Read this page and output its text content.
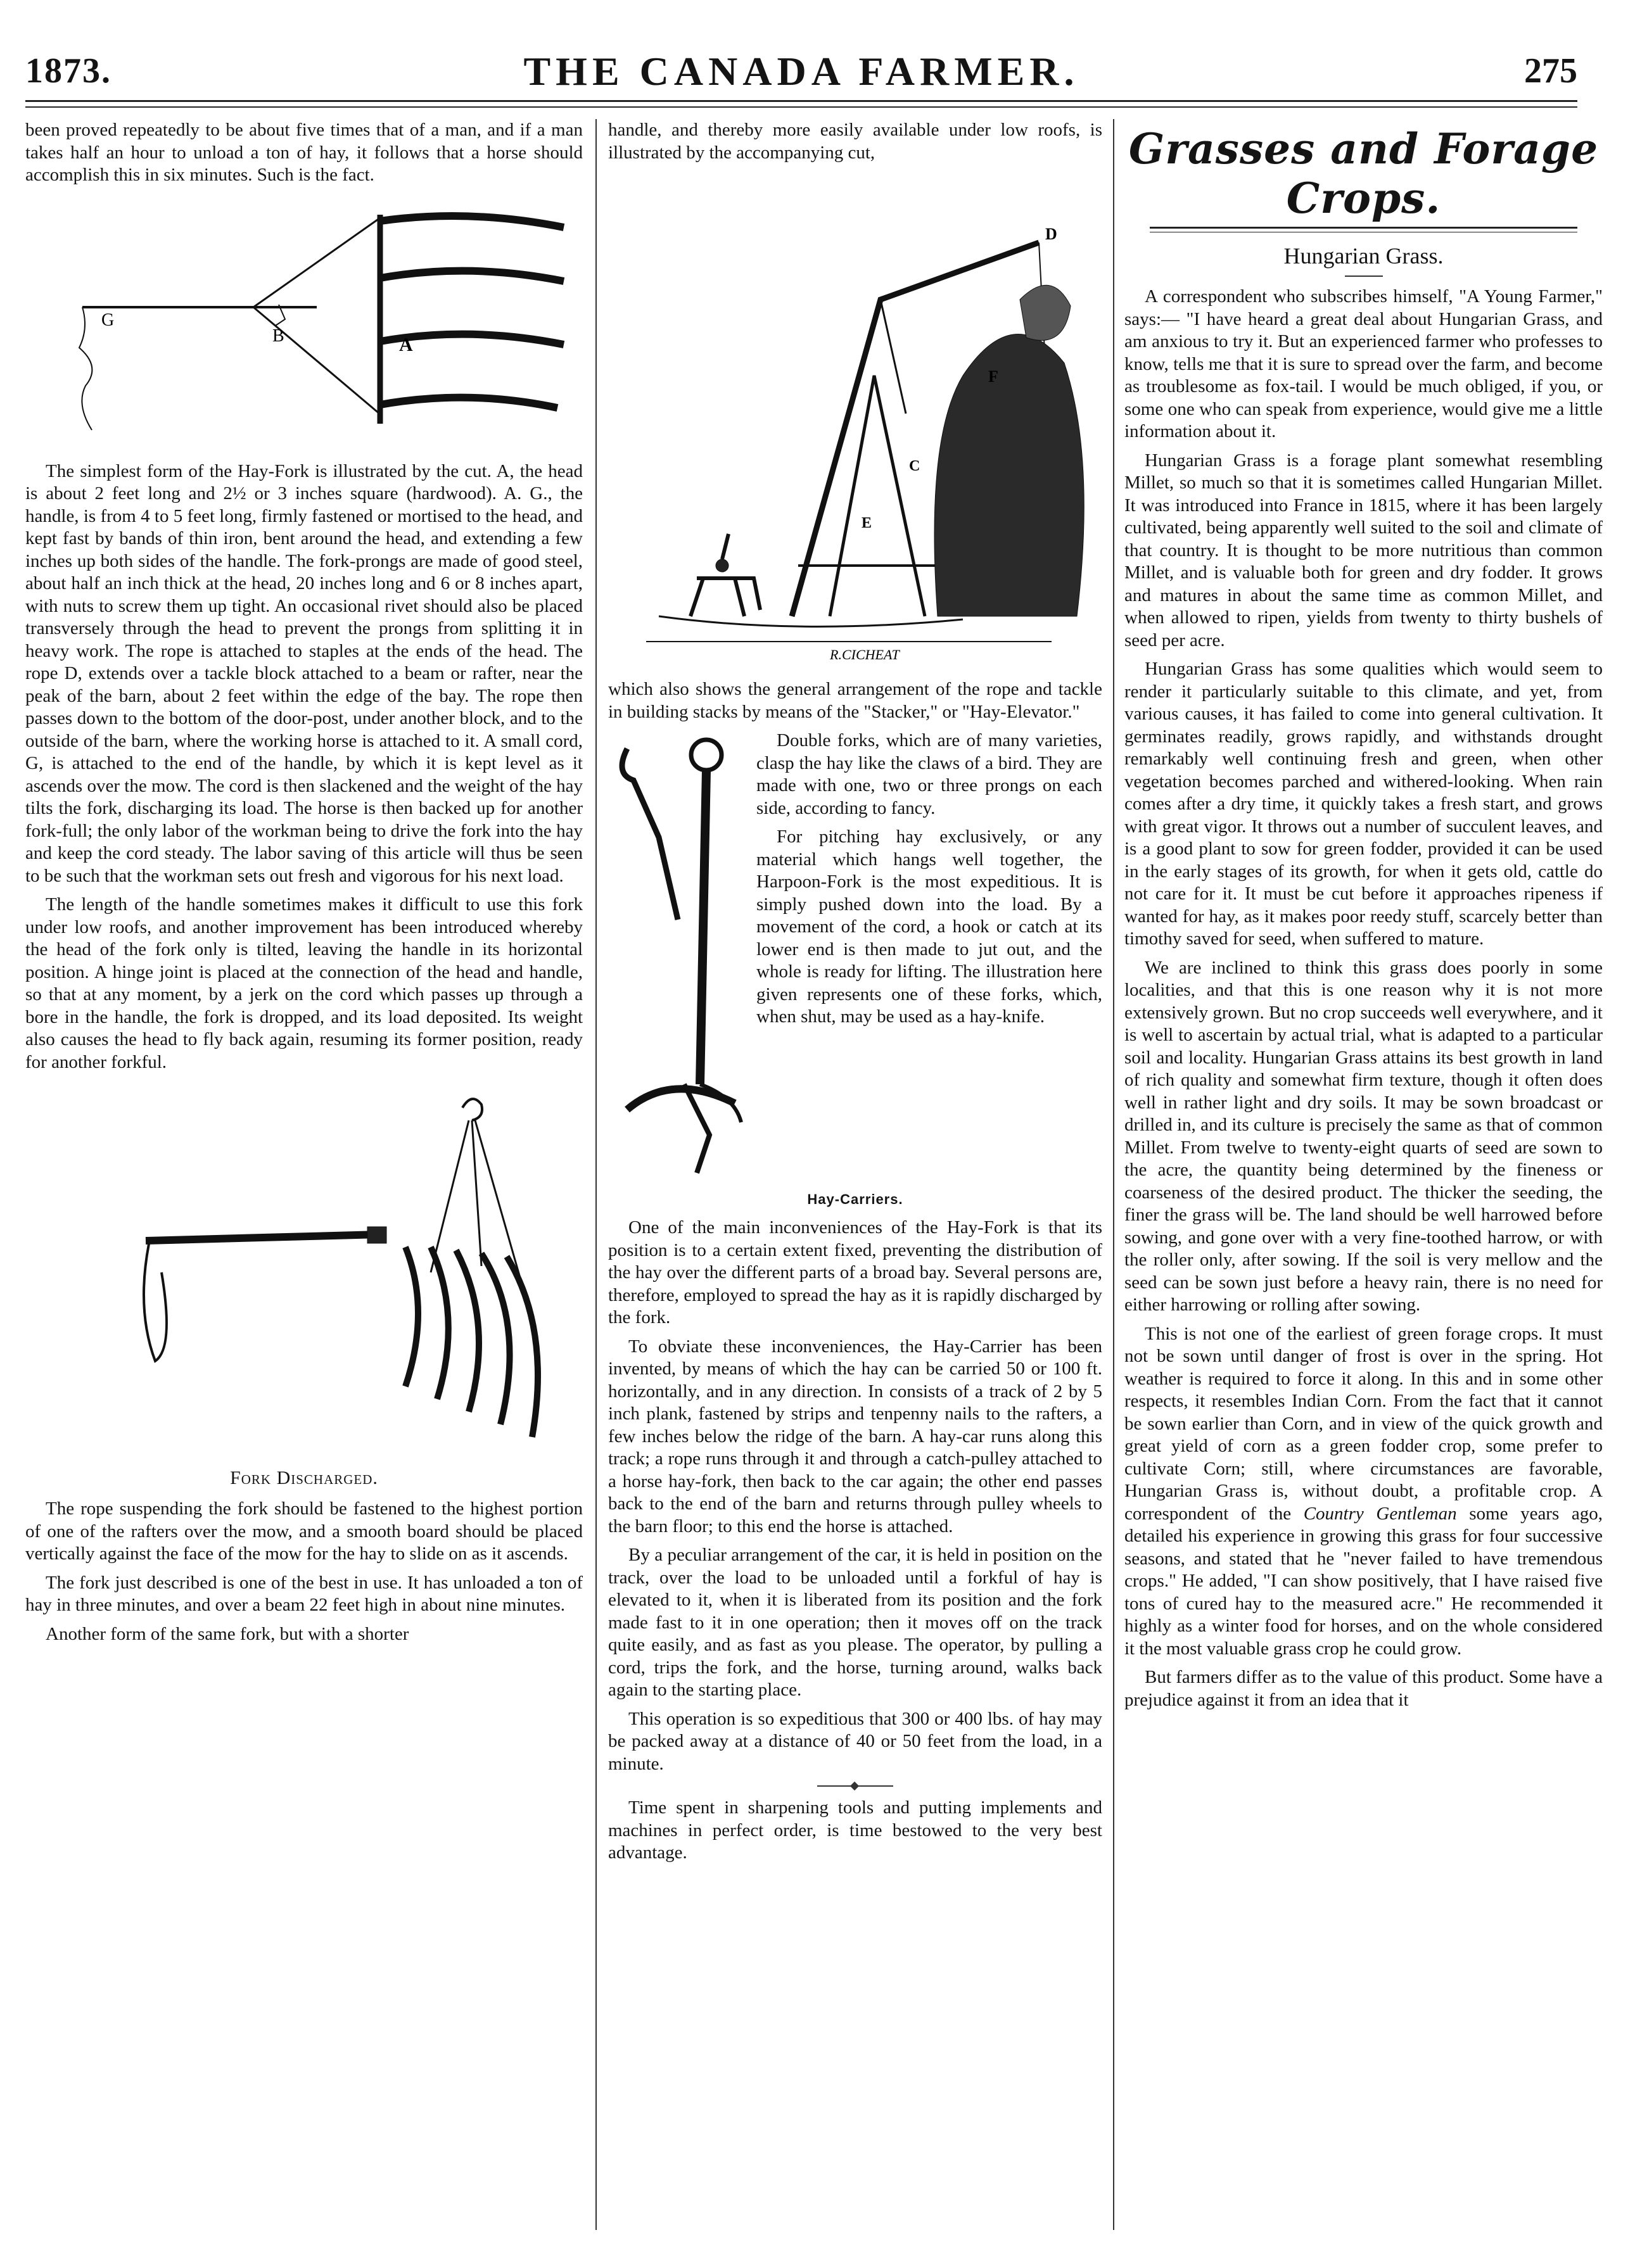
1873.	THE CANADA FARMER.	275

been proved repeatedly to be about five times that of a man, and if a man takes half an hour to unload a ton of hay, it follows that a horse should accomplish this in six minutes. Such is the fact.

A
B
G

The simplest form of the Hay-Fork is illustrated by the cut. A, the head is about 2 feet long and 2½ or 3 inches square (hardwood). A. G., the handle, is from 4 to 5 feet long, firmly fastened or mortised to the head, and kept fast by bands of thin iron, bent around the head, and extending a few inches up both sides of the handle. The fork-prongs are made of good steel, about half an inch thick at the head, 20 inches long and 6 or 8 inches apart, with nuts to screw them up tight. An occasional rivet should also be placed transversely through the head to prevent the prongs from splitting it in heavy work. The rope is attached to staples at the ends of the head. The rope D, extends over a tackle block attached to a beam or rafter, near the peak of the barn, about 2 feet within the edge of the bay. The rope then passes down to the bottom of the door-post, under another block, and to the outside of the barn, where the working horse is attached to it. A small cord, G, is attached to the end of the handle, by which it is kept level as it ascends over the mow. The cord is then slackened and the weight of the hay tilts the fork, discharging its load. The horse is then backed up for another fork-full; the only labor of the workman being to drive the fork into the hay and keep the cord steady. The labor saving of this article will thus be seen to be such that the workman sets out fresh and vigorous for his next load.

The length of the handle sometimes makes it difficult to use this fork under low roofs, and another improvement has been introduced whereby the head of the fork only is tilted, leaving the handle in its horizontal position. A hinge joint is placed at the connection of the head and handle, so that at any moment, by a jerk on the cord which passes up through a bore in the handle, the fork is dropped, and its load deposited. Its weight also causes the head to fly back again, resuming its former position, ready for another forkful.

Fork Discharged.

The rope suspending the fork should be fastened to the highest portion of one of the rafters over the mow, and a smooth board should be placed vertically against the face of the mow for the hay to slide on as it ascends.

The fork just described is one of the best in use. It has unloaded a ton of hay in three minutes, and over a beam 22 feet high in about nine minutes.

Another form of the same fork, but with a shorter

handle, and thereby more easily available under low roofs, is illustrated by the accompanying cut,

D
F
C
E
R.CICHEAT

which also shows the general arrangement of the rope and tackle in building stacks by means of the "Stacker," or "Hay-Elevator."

Double forks, which are of many varieties, clasp the hay like the claws of a bird. They are made with one, two or three prongs on each side, according to fancy.

For pitching hay exclusively, or any material which hangs well together, the Harpoon-Fork is the most expeditious. It is simply pushed down into the load. By a movement of the cord, a hook or catch at its lower end is then made to jut out, and the whole is ready for lifting. The illustration here given represents one of these forks, which, when shut, may be used as a hay-knife.

Hay-Carriers.

One of the main inconveniences of the Hay-Fork is that its position is to a certain extent fixed, preventing the distribution of the hay over the different parts of a broad bay. Several persons are, therefore, employed to spread the hay as it is rapidly discharged by the fork.

To obviate these inconveniences, the Hay-Carrier has been invented, by means of which the hay can be carried 50 or 100 ft. horizontally, and in any direction. In consists of a track of 2 by 5 inch plank, fastened by strips and tenpenny nails to the rafters, a few inches below the ridge of the barn. A hay-car runs along this track; a rope runs through it and through a catch-pulley attached to a horse hay-fork, then back to the car again; the other end passes back to the end of the barn and returns through pulley wheels to the barn floor; to this end the horse is attached.

By a peculiar arrangement of the car, it is held in position on the track, over the load to be unloaded until a forkful of hay is elevated to it, when it is liberated from its position and the fork made fast to it in one operation; then it moves off on the track quite easily, and as fast as you please. The operator, by pulling a cord, trips the fork, and the horse, turning around, walks back again to the starting place.

This operation is so expeditious that 300 or 400 lbs. of hay may be packed away at a distance of 40 or 50 feet from the load, in a minute.

Time spent in sharpening tools and putting implements and machines in perfect order, is time bestowed to the very best advantage.

Grasses and Forage Crops.
Hungarian Grass.

A correspondent who subscribes himself, "A Young Farmer," says:— "I have heard a great deal about Hungarian Grass, and am anxious to try it. But an experienced farmer who professes to know, tells me that it is sure to spread over the farm, and become as troublesome as fox-tail. I would be much obliged, if you, or some one who can speak from experience, would give me a little information about it.

Hungarian Grass is a forage plant somewhat resembling Millet, so much so that it is sometimes called Hungarian Millet. It was introduced into France in 1815, where it has been largely cultivated, being apparently well suited to the soil and climate of that country. It is thought to be more nutritious than common Millet, and is valuable both for green and dry fodder. It grows and matures in about the same time as common Millet, and when allowed to ripen, yields from twenty to thirty bushels of seed per acre.

Hungarian Grass has some qualities which would seem to render it particularly suitable to this climate, and yet, from various causes, it has failed to come into general cultivation. It germinates readily, grows rapidly, and withstands drought remarkably well continuing fresh and green, when other vegetation becomes parched and withered-looking. When rain comes after a dry time, it quickly takes a fresh start, and grows with great vigor. It throws out a number of succulent leaves, and is a good plant to sow for green fodder, provided it can be used in the early stages of its growth, for when it gets old, cattle do not care for it. It must be cut before it approaches ripeness if wanted for hay, as it makes poor reedy stuff, scarcely better than timothy saved for seed, when suffered to mature.

We are inclined to think this grass does poorly in some localities, and that this is one reason why it is not more extensively grown. But no crop succeeds well everywhere, and it is well to ascertain by actual trial, what is adapted to a particular soil and locality. Hungarian Grass attains its best growth in land of rich quality and somewhat firm texture, though it often does well in rather light and dry soils. It may be sown broadcast or drilled in, and its culture is precisely the same as that of common Millet. From twelve to twenty-eight quarts of seed are sown to the acre, the quantity being determined by the fineness or coarseness of the desired product. The thicker the seeding, the finer the grass will be. The land should be well harrowed before sowing, and gone over with a very fine-toothed harrow, or with the roller only, after sowing. If the soil is very mellow and the seed can be sown just before a heavy rain, there is no need for either harrowing or rolling after sowing.

This is not one of the earliest of green forage crops. It must not be sown until danger of frost is over in the spring. Hot weather is required to force it along. In this and in some other respects, it resembles Indian Corn. From the fact that it cannot be sown earlier than Corn, and in view of the quick growth and great yield of corn as a green fodder crop, some prefer to cultivate Corn; still, where circumstances are favorable, Hungarian Grass is, without doubt, a profitable crop. A correspondent of the Country Gentleman some years ago, detailed his experience in growing this grass for four successive seasons, and stated that he "never failed to have tremendous crops." He added, "I can show positively, that I have raised five tons of cured hay to the measured acre." He recommended it highly as a winter food for horses, and on the whole considered it the most valuable grass crop he could grow.

But farmers differ as to the value of this product. Some have a prejudice against it from an idea that it
